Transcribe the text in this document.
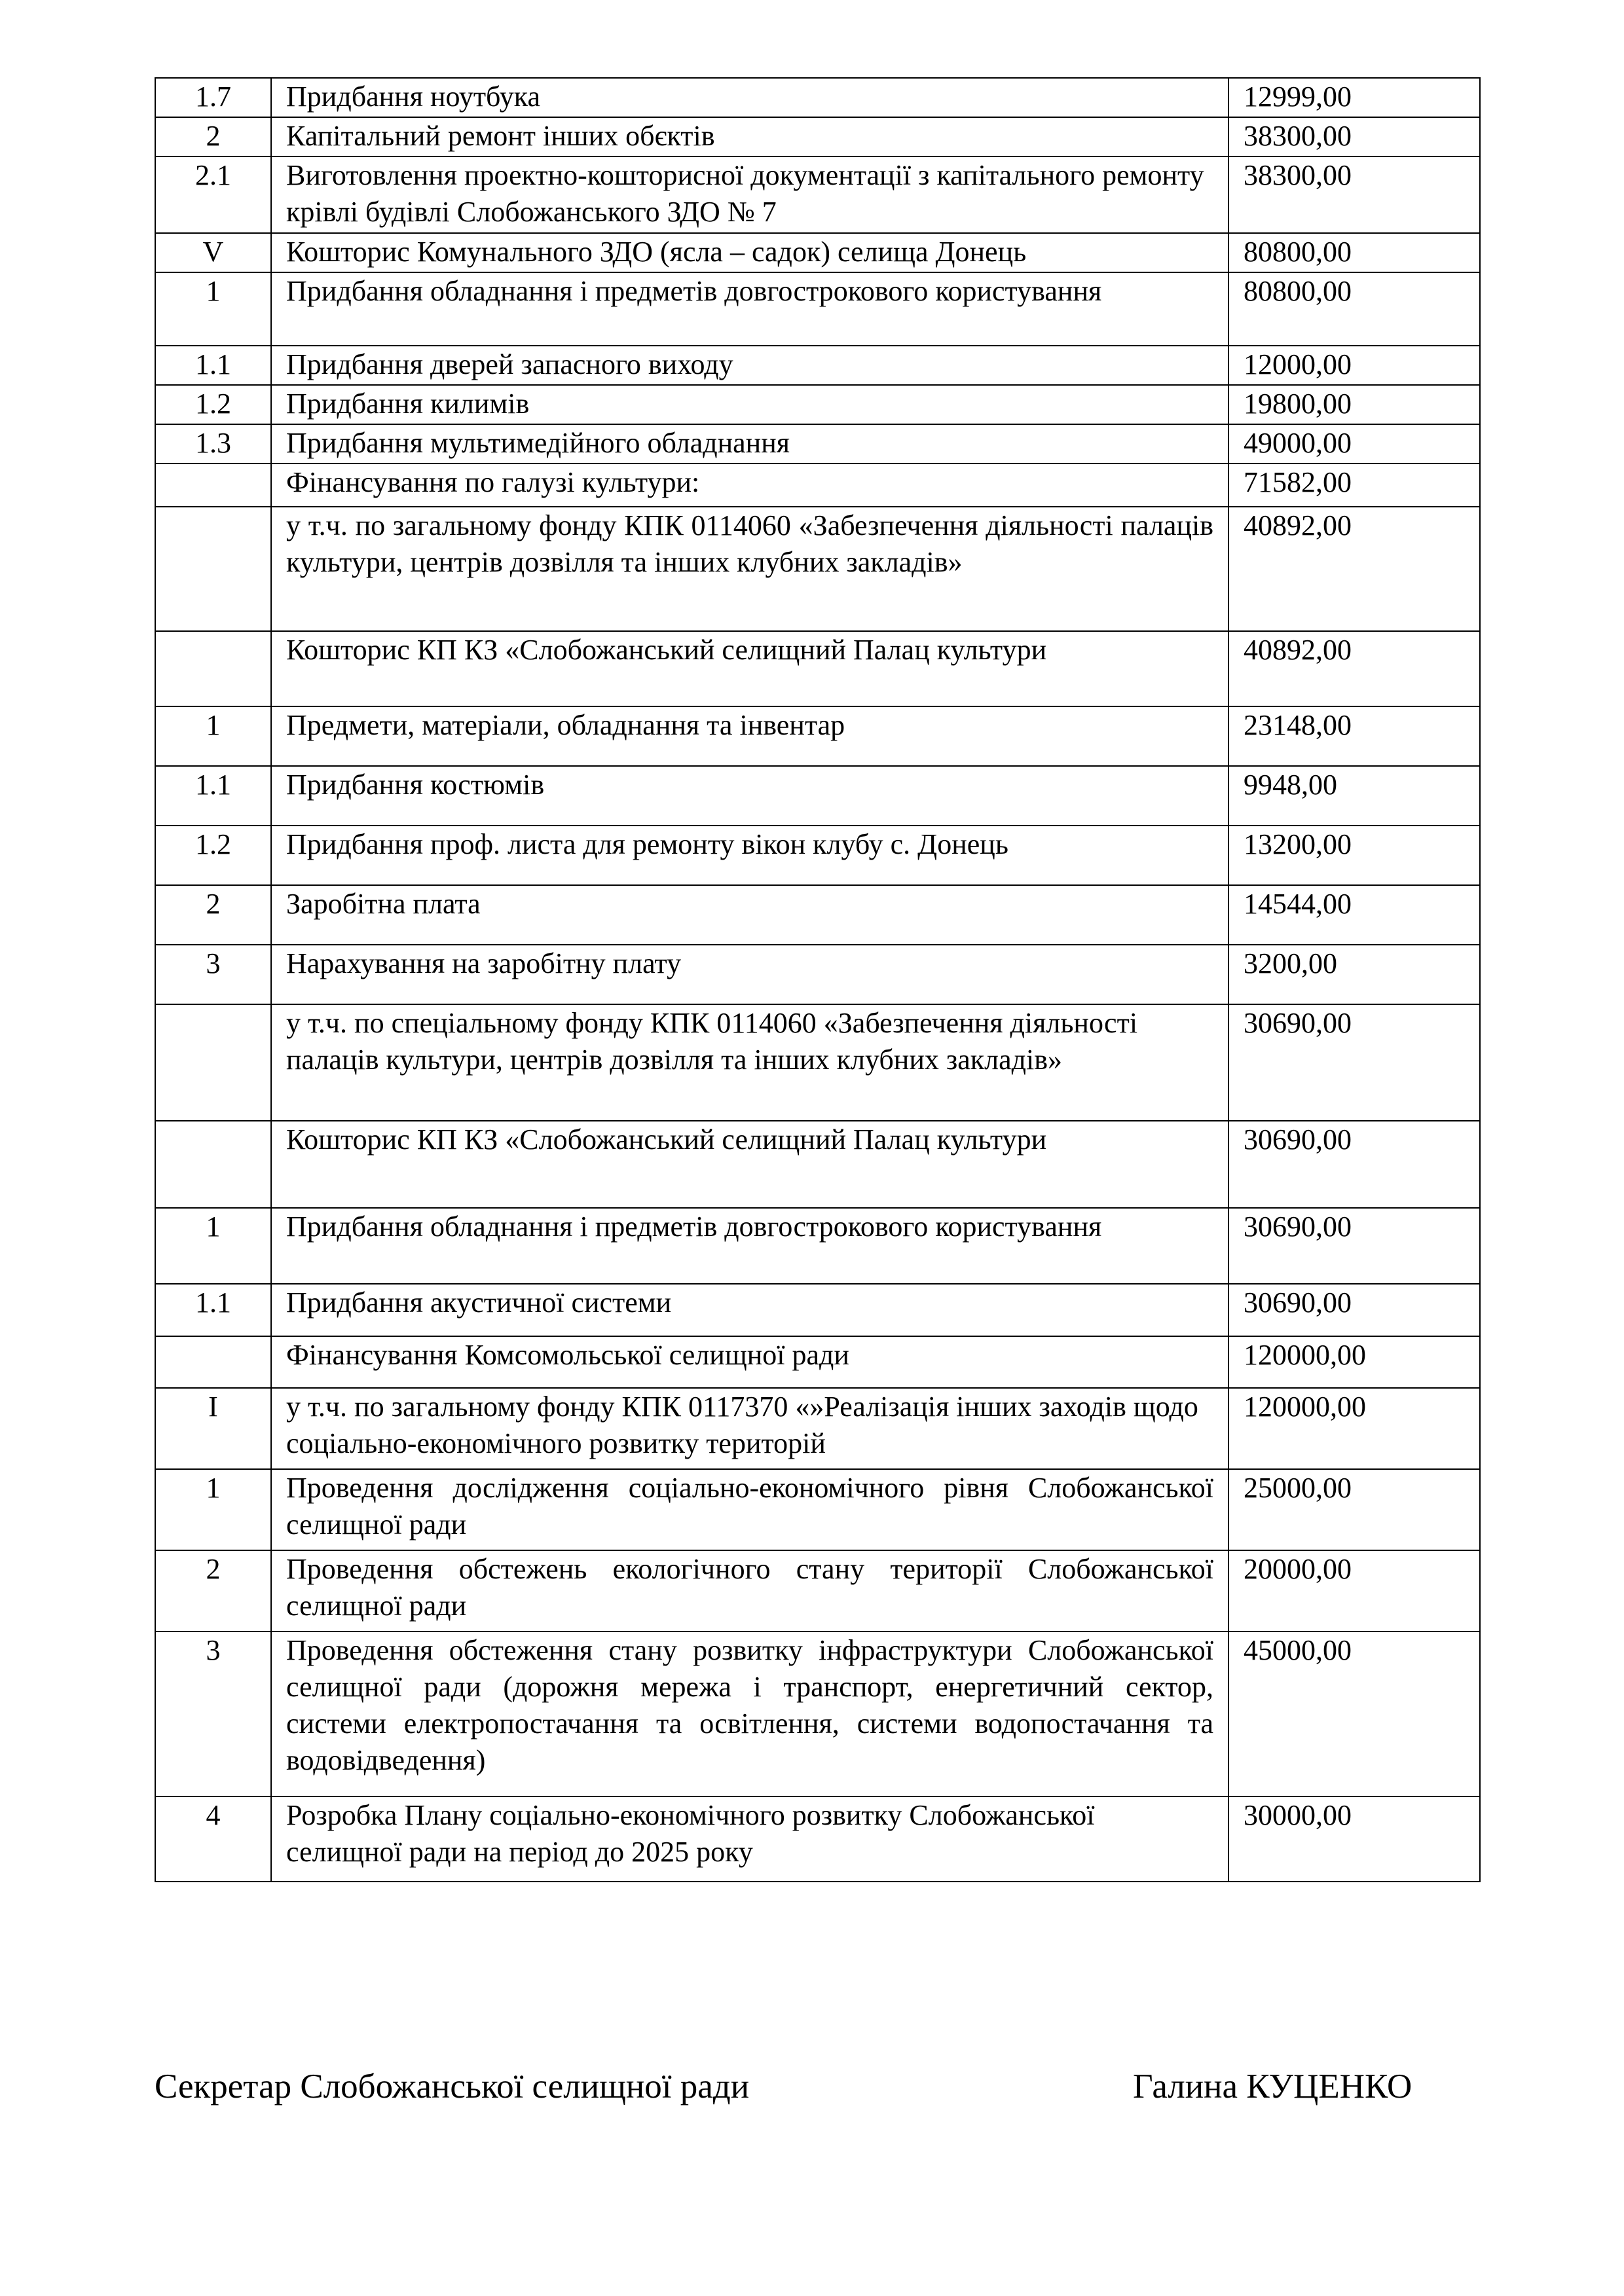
1.7	Придбання ноутбука	12999,00
2	Капітальний ремонт інших обєктів	38300,00
2.1	Виготовлення проектно-кошторисної документації з капітального ремонту крівлі будівлі Слобожанського ЗДО № 7	38300,00
V	Кошторис Комунального ЗДО (ясла – садок) селища Донець	80800,00
1	Придбання обладнання і предметів довгострокового користування	80800,00
1.1	Придбання дверей запасного виходу	12000,00
1.2	Придбання килимів	19800,00
1.3	Придбання мультимедійного обладнання	49000,00
	Фінансування по галузі культури:	71582,00
	у т.ч. по загальному фонду КПК 0114060 «Забезпечення діяльності палаців культури, центрів дозвілля та інших клубних закладів»	40892,00
	Кошторис КП КЗ «Слобожанський селищний Палац культури	40892,00
1	Предмети, матеріали, обладнання та інвентар	23148,00
1.1	Придбання костюмів	9948,00
1.2	Придбання проф. листа для ремонту вікон клубу с. Донець	13200,00
2	Заробітна плата	14544,00
3	Нарахування на заробітну плату	3200,00
	у т.ч. по спеціальному фонду КПК 0114060 «Забезпечення діяльності палаців культури, центрів дозвілля та інших клубних закладів»	30690,00
	Кошторис КП КЗ «Слобожанський селищний Палац культури	30690,00
1	Придбання обладнання і предметів довгострокового користування	30690,00
1.1	Придбання акустичної системи	30690,00
	Фінансування Комсомольської селищної ради	120000,00
I	у т.ч. по загальному фонду КПК 0117370 «»Реалізація інших заходів щодо соціально-економічного розвитку територій	120000,00
1	Проведення дослідження соціально-економічного рівня Слобожанської селищної ради	25000,00
2	Проведення обстежень екологічного стану території Слобожанської селищної ради	20000,00
3	Проведення обстеження стану розвитку інфраструктури Слобожанської селищної ради (дорожня мережа і транспорт, енергетичний сектор, системи електропостачання та освітлення, системи водопостачання та водовідведення)	45000,00
4	Розробка Плану соціально-економічного розвитку Слобожанської селищної ради на період до 2025 року	30000,00
Секретар Слобожанської селищної ради	Галина КУЦЕНКО
